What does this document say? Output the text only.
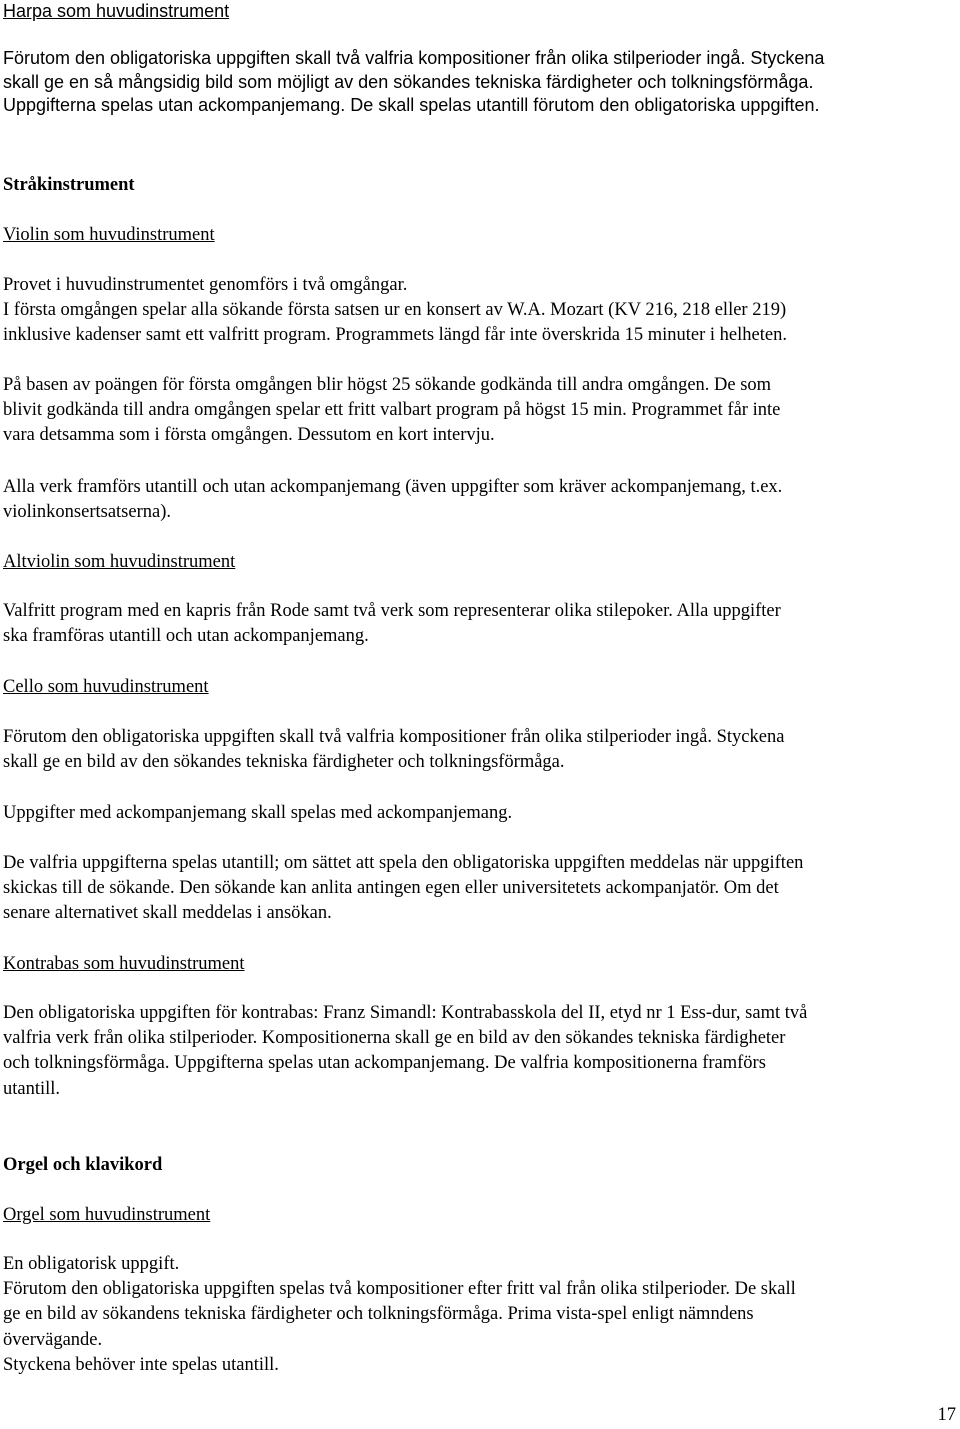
Harpa som huvudinstrument
Förutom den obligatoriska uppgiften skall två valfria kompositioner från olika stilperioder ingå. Styckena
skall ge en så mångsidig bild som möjligt av den sökandes tekniska färdigheter och tolkningsförmåga.
Uppgifterna spelas utan ackompanjemang. De skall spelas utantill förutom den obligatoriska uppgiften.
Stråkinstrument
Violin som huvudinstrument
Provet i huvudinstrumentet genomförs i två omgångar.
I första omgången spelar alla sökande första satsen ur en konsert av W.A. Mozart (KV 216, 218 eller 219)
inklusive kadenser samt ett valfritt program. Programmets längd får inte överskrida 15 minuter i helheten.
På basen av poängen för första omgången blir högst 25 sökande godkända till andra omgången. De som
blivit godkända till andra omgången spelar ett fritt valbart program på högst 15 min. Programmet får inte
vara detsamma som i första omgången. Dessutom en kort intervju.
Alla verk framförs utantill och utan ackompanjemang (även uppgifter som kräver ackompanjemang, t.ex.
violinkonsertsatserna).
Altviolin som huvudinstrument
Valfritt program med en kapris från Rode samt två verk som representerar olika stilepoker. Alla uppgifter
ska framföras utantill och utan ackompanjemang.
Cello som huvudinstrument
Förutom den obligatoriska uppgiften skall två valfria kompositioner från olika stilperioder ingå. Styckena
skall ge en bild av den sökandes tekniska färdigheter och tolkningsförmåga.
Uppgifter med ackompanjemang skall spelas med ackompanjemang.
De valfria uppgifterna spelas utantill; om sättet att spela den obligatoriska uppgiften meddelas när uppgiften
skickas till de sökande. Den sökande kan anlita antingen egen eller universitetets ackompanjatör. Om det
senare alternativet skall meddelas i ansökan.
Kontrabas som huvudinstrument
Den obligatoriska uppgiften för kontrabas: Franz Simandl: Kontrabasskola del II, etyd nr 1 Ess-dur, samt två
valfria verk från olika stilperioder. Kompositionerna skall ge en bild av den sökandes tekniska färdigheter
och tolkningsförmåga. Uppgifterna spelas utan ackompanjemang. De valfria kompositionerna framförs
utantill.
Orgel och klavikord
Orgel som huvudinstrument
En obligatorisk uppgift.
Förutom den obligatoriska uppgiften spelas två kompositioner efter fritt val från olika stilperioder. De skall
ge en bild av sökandens tekniska färdigheter och tolkningsförmåga. Prima vista-spel enligt nämndens
övervägande.
Styckena behöver inte spelas utantill.
17
